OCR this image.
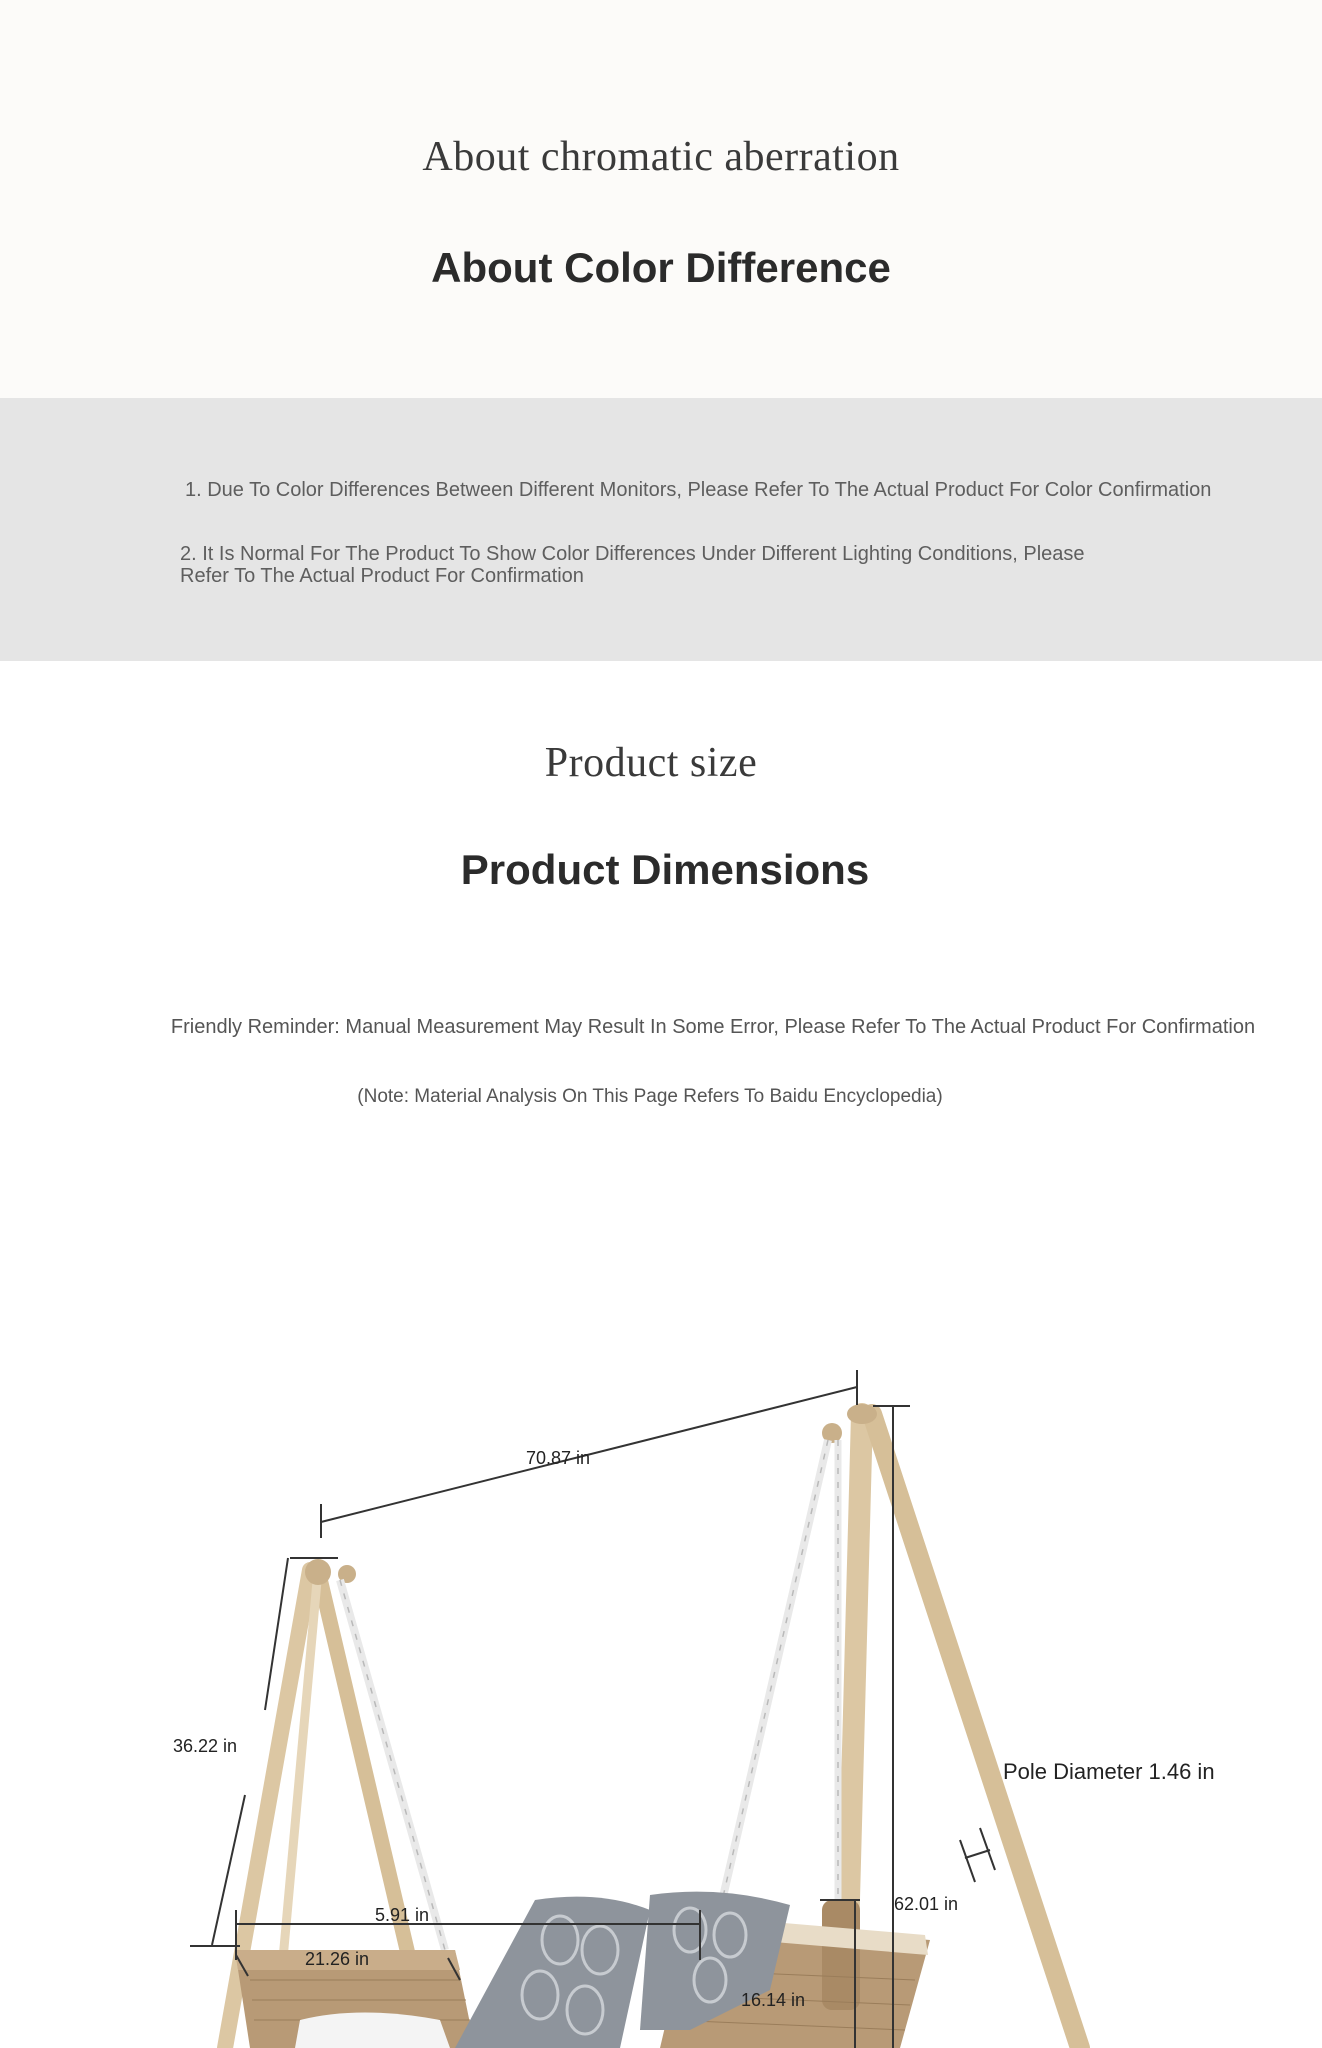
About chromatic aberration
About Color Difference
1. Due To Color Differences Between Different Monitors, Please Refer To The Actual Product For Color Confirmation
2. It Is Normal For The Product To Show Color Differences Under Different Lighting Conditions, Please
Refer To The Actual Product For Confirmation
Product size
Product Dimensions
Friendly Reminder: Manual Measurement May Result In Some Error, Please Refer To The Actual Product For Confirmation
(Note: Material Analysis On This Page Refers To Baidu Encyclopedia)
70.87 in
36.22 in
Pole Diameter 1.46 in
62.01 in
5.91 in
21.26 in
16.14 in
